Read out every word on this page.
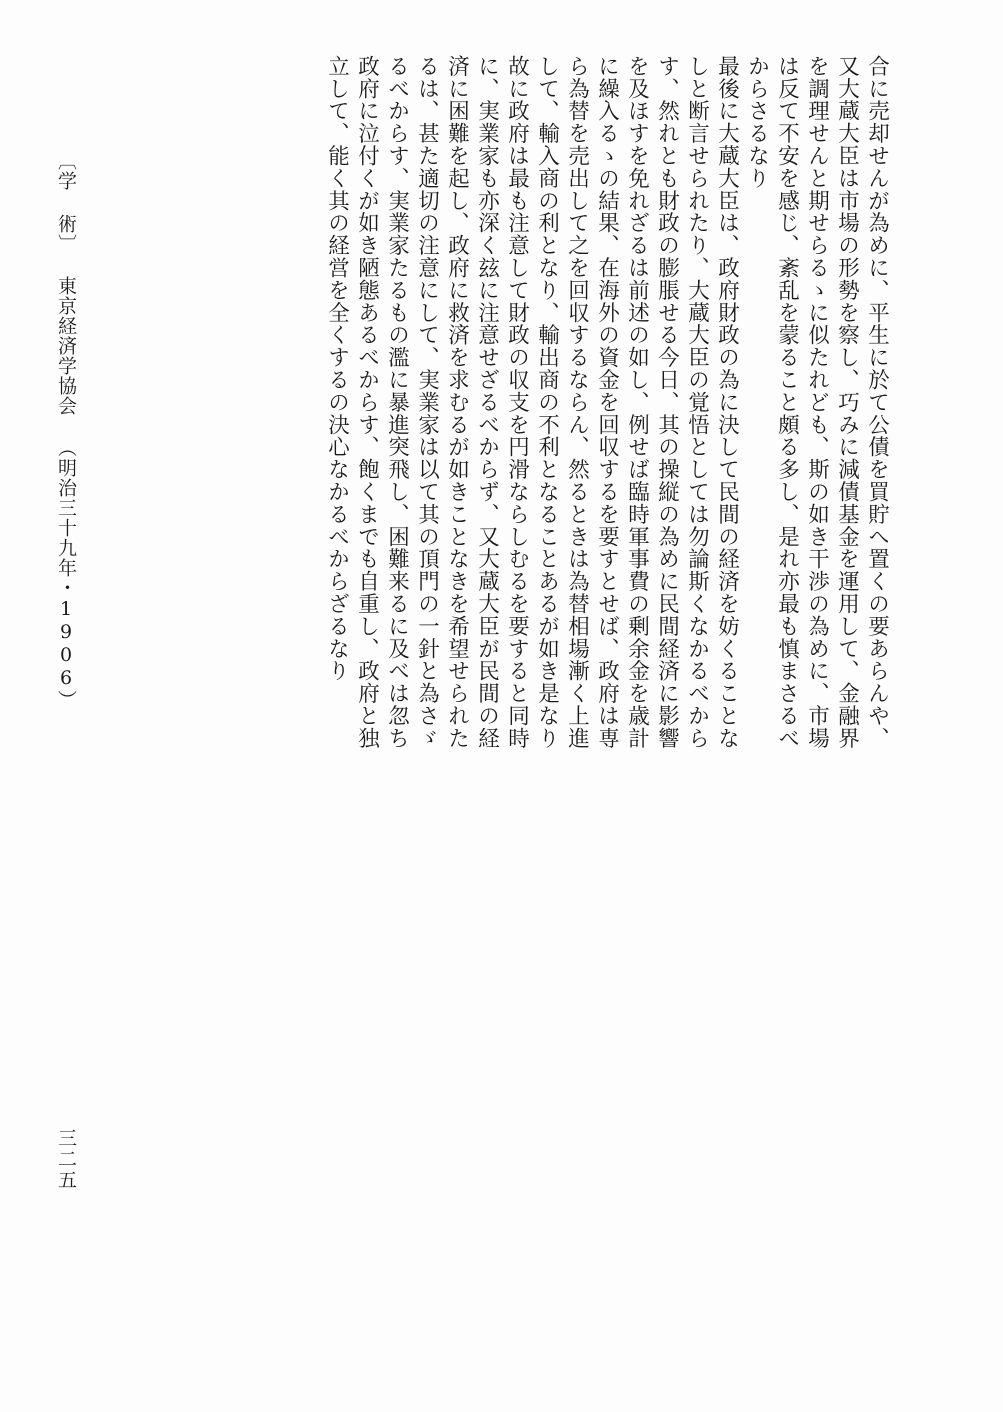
〔学 術〕東京経済学協会（明治三十九年・1906）	合に売却せんが為めに、平生に於て公債を買貯へ置くの要あらんや、
又大蔵大臣は市場の形勢を察し、巧みに減債基金を運用して、金融界
を調理せんと期せらるゝに似たれども、斯の如き干渉の為めに、市場
は反て不安を感じ、紊乱を蒙ること頗る多し、是れ亦最も慎まさるべ
からさるなり
最後に大蔵大臣は、政府財政の為に決して民間の経済を妨くることな
しと断言せられたり、大蔵大臣の覚悟としては勿論斯くなかるべから
す、然れとも財政の膨脹せる今日、其の操縦の為めに民間経済に影響
を及ほすを免れざるは前述の如し、例せば臨時軍事費の剰余金を歳計
に繰入るゝの結果、在海外の資金を回収するを要すとせば、政府は専
ら為替を売出して之を回収するならん、然るときは為替相場漸く上進
して、輸入商の利となり、輸出商の不利となることあるが如き是なり
故に政府は最も注意して財政の収支を円滑ならしむるを要すると同時
に、実業家も亦深く玆に注意せざるべからず、又大蔵大臣が民間の経
済に困難を起し、政府に救済を求むるが如きことなきを希望せられた
るは、甚た適切の注意にして、実業家は以て其の頂門の一針と為さゞ
るべからす、実業家たるもの濫に暴進突飛し、困難来るに及べは忽ち
政府に泣付くが如き陋態あるべからす、飽くまでも自重し、政府と独
立して、能く其の経営を全くするの決心なかるべからざるなり
三二五
